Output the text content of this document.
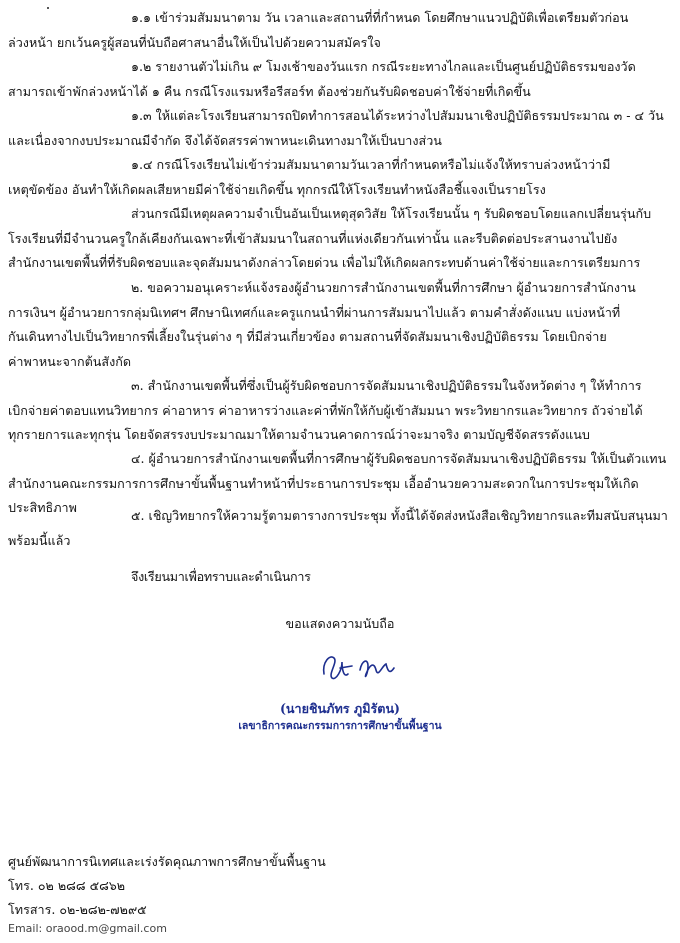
๑.๑ เข้าร่วมสัมมนาตาม วัน เวลาและสถานที่ที่กำหนด โดยศึกษาแนวปฏิบัติเพื่อเตรียมตัวก่อน
ล่วงหน้า ยกเว้นครูผู้สอนที่นับถือศาสนาอื่นให้เป็นไปด้วยความสมัครใจ

๑.๒ รายงานตัวไม่เกิน ๙ โมงเช้าของวันแรก กรณีระยะทางไกลและเป็นศูนย์ปฏิบัติธรรมของวัด
สามารถเข้าพักล่วงหน้าได้ ๑ คืน กรณีโรงแรมหรือรีสอร์ท ต้องช่วยกันรับผิดชอบค่าใช้จ่ายที่เกิดขึ้น

๑.๓ ให้แต่ละโรงเรียนสามารถปิดทำการสอนได้ระหว่างไปสัมมนาเชิงปฏิบัติธรรมประมาณ ๓ - ๔ วัน
และเนื่องจากงบประมาณมีจำกัด จึงได้จัดสรรค่าพาหนะเดินทางมาให้เป็นบางส่วน

๑.๔ กรณีโรงเรียนไม่เข้าร่วมสัมมนาตามวันเวลาที่กำหนดหรือไม่แจ้งให้ทราบล่วงหน้าว่ามี
เหตุขัดข้อง อันทำให้เกิดผลเสียหายมีค่าใช้จ่ายเกิดขึ้น ทุกกรณีให้โรงเรียนทำหนังสือชี้แจงเป็นรายโรง

ส่วนกรณีมีเหตุผลความจำเป็นอันเป็นเหตุสุดวิสัย ให้โรงเรียนนั้น ๆ รับผิดชอบโดยแลกเปลี่ยนรุ่นกับ
โรงเรียนที่มีจำนวนครูใกล้เคียงกันเฉพาะที่เข้าสัมมนาในสถานที่แห่งเดียวกันเท่านั้น และรีบติดต่อประสานงานไปยัง
สำนักงานเขตพื้นที่ที่รับผิดชอบและจุดสัมมนาดังกล่าวโดยด่วน เพื่อไม่ให้เกิดผลกระทบด้านค่าใช้จ่ายและการเตรียมการ

๒. ขอความอนุเคราะห์แจ้งรองผู้อำนวยการสำนักงานเขตพื้นที่การศึกษา ผู้อำนวยการสำนักงาน
การเงินฯ ผู้อำนวยการกลุ่มนิเทศฯ ศึกษานิเทศก์และครูแกนนำที่ผ่านการสัมมนาไปแล้ว ตามคำสั่งดังแนบ แบ่งหน้าที่
กันเดินทางไปเป็นวิทยากรพี่เลี้ยงในรุ่นต่าง ๆ ที่มีส่วนเกี่ยวข้อง ตามสถานที่จัดสัมมนาเชิงปฏิบัติธรรม โดยเบิกจ่าย
ค่าพาหนะจากต้นสังกัด

๓. สำนักงานเขตพื้นที่ซึ่งเป็นผู้รับผิดชอบการจัดสัมมนาเชิงปฏิบัติธรรมในจังหวัดต่าง ๆ ให้ทำการ
เบิกจ่ายค่าตอบแทนวิทยากร ค่าอาหาร ค่าอาหารว่างและค่าที่พักให้กับผู้เข้าสัมมนา พระวิทยากรและวิทยากร ถัวจ่ายได้
ทุกรายการและทุกรุ่น โดยจัดสรรงบประมาณมาให้ตามจำนวนคาดการณ์ว่าจะมาจริง ตามบัญชีจัดสรรดังแนบ

๔. ผู้อำนวยการสำนักงานเขตพื้นที่การศึกษาผู้รับผิดชอบการจัดสัมมนาเชิงปฏิบัติธรรม ให้เป็นตัวแทน
สำนักงานคณะกรรมการการศึกษาขั้นพื้นฐานทำหน้าที่ประธานการประชุม เอื้ออำนวยความสะดวกในการประชุมให้เกิด
ประสิทธิภาพ

๕. เชิญวิทยากรให้ความรู้ตามตารางการประชุม ทั้งนี้ได้จัดส่งหนังสือเชิญวิทยากรและทีมสนับสนุนมา
พร้อมนี้แล้ว

จึงเรียนมาเพื่อทราบและดำเนินการ

ขอแสดงความนับถือ

(นายชินภัทร ภูมิรัตน)
เลขาธิการคณะกรรมการการศึกษาขั้นพื้นฐาน

ศูนย์พัฒนาการนิเทศและเร่งรัดคุณภาพการศึกษาขั้นพื้นฐาน

โทร. ๐๒ ๒๘๘ ๕๘๖๒

โทรสาร. ๐๒-๒๘๒-๗๒๙๕

Email: oraood.m@gmail.com
